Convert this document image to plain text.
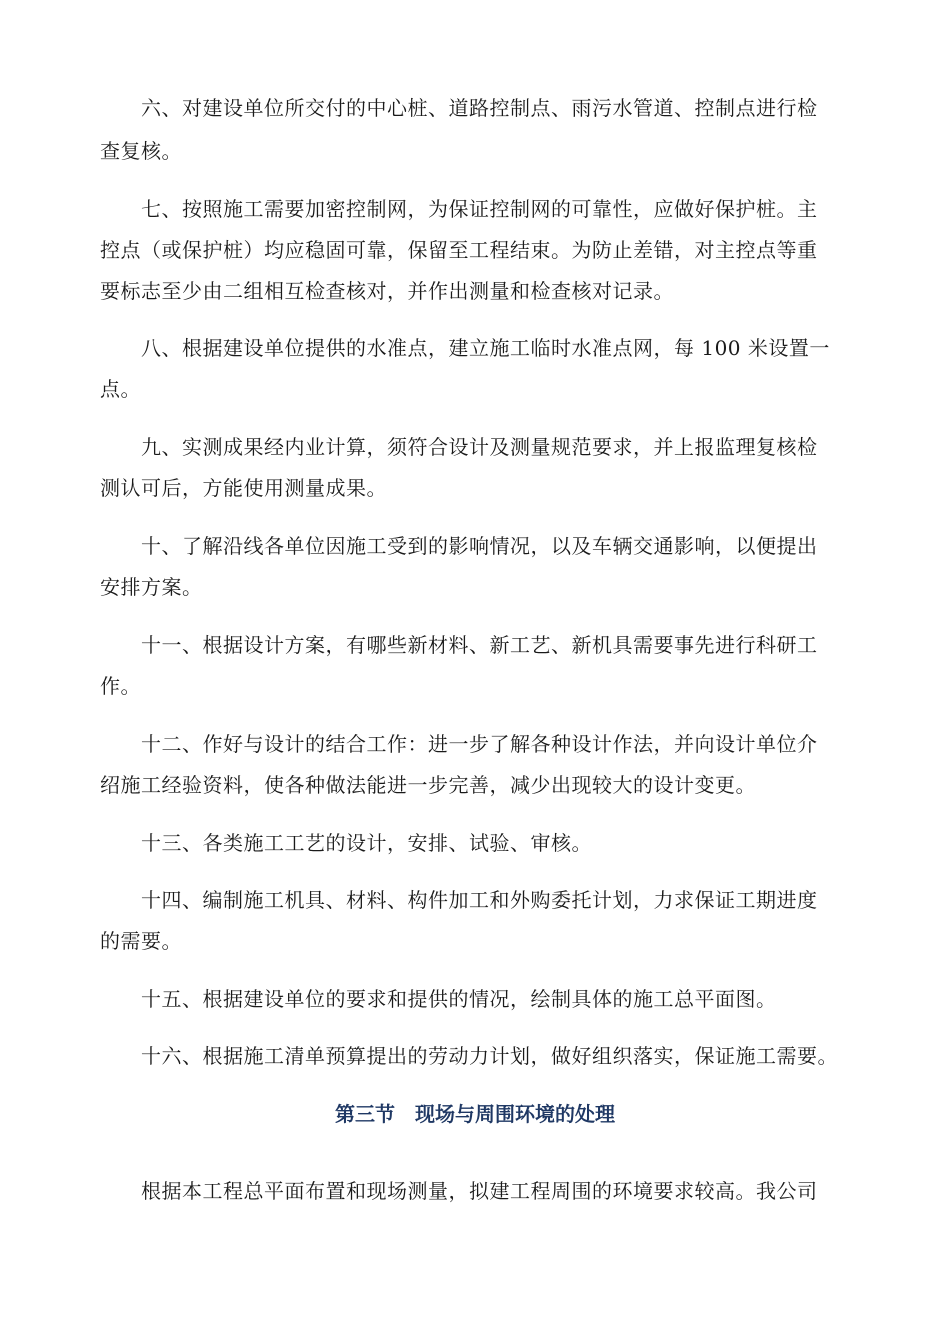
六、对建设单位所交付的中心桩、道路控制点、雨污水管道、控制点进行检
查复核。
七、按照施工需要加密控制网，为保证控制网的可靠性，应做好保护桩。主
控点（或保护桩）均应稳固可靠，保留至工程结束。为防止差错，对主控点等重
要标志至少由二组相互检查核对，并作出测量和检查核对记录。
八、根据建设单位提供的水准点，建立施工临时水准点网，每 100 米设置一
点。
九、实测成果经内业计算，须符合设计及测量规范要求，并上报监理复核检
测认可后，方能使用测量成果。
十、了解沿线各单位因施工受到的影响情况，以及车辆交通影响，以便提出
安排方案。
十一、根据设计方案，有哪些新材料、新工艺、新机具需要事先进行科研工
作。
十二、作好与设计的结合工作：进一步了解各种设计作法，并向设计单位介
绍施工经验资料，使各种做法能进一步完善，减少出现较大的设计变更。
十三、各类施工工艺的设计，安排、试验、审核。
十四、编制施工机具、材料、构件加工和外购委托计划，力求保证工期进度
的需要。
十五、根据建设单位的要求和提供的情况，绘制具体的施工总平面图。
十六、根据施工清单预算提出的劳动力计划，做好组织落实，保证施工需要。
第三节　现场与周围环境的处理
根据本工程总平面布置和现场测量，拟建工程周围的环境要求较高。我公司
